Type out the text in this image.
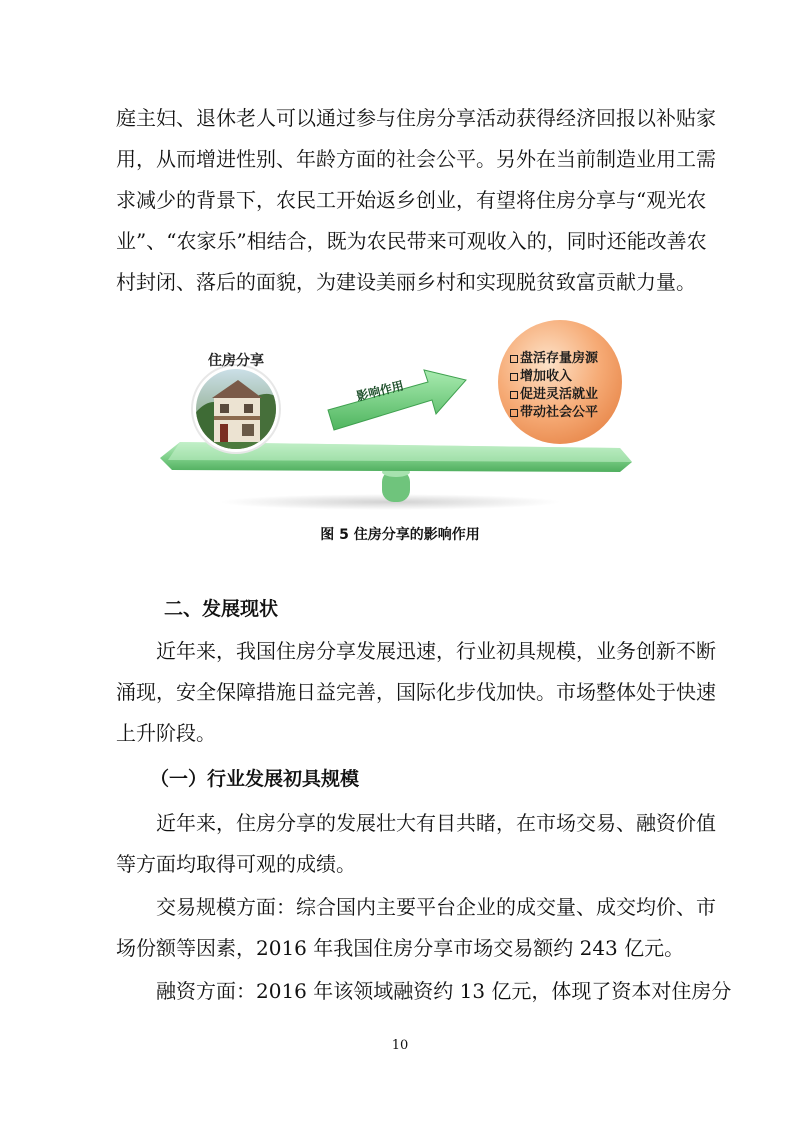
庭主妇、退休老人可以通过参与住房分享活动获得经济回报以补贴家
用，从而增进性别、年龄方面的社会公平。另外在当前制造业用工需
求减少的背景下，农民工开始返乡创业，有望将住房分享与“观光农
业”、“农家乐”相结合，既为农民带来可观收入的，同时还能改善农
村封闭、落后的面貌，为建设美丽乡村和实现脱贫致富贡献力量。
住房分享
影响作用
盘活存量房源
增加收入
促进灵活就业
带动社会公平
图 5 住房分享的影响作用
二、发展现状
近年来，我国住房分享发展迅速，行业初具规模，业务创新不断
涌现，安全保障措施日益完善，国际化步伐加快。市场整体处于快速
上升阶段。
（一）行业发展初具规模
近年来，住房分享的发展壮大有目共睹，在市场交易、融资价值
等方面均取得可观的成绩。
交易规模方面：综合国内主要平台企业的成交量、成交均价、市
场份额等因素，2016 年我国住房分享市场交易额约 243 亿元。
融资方面：2016 年该领域融资约 13 亿元，体现了资本对住房分
10
